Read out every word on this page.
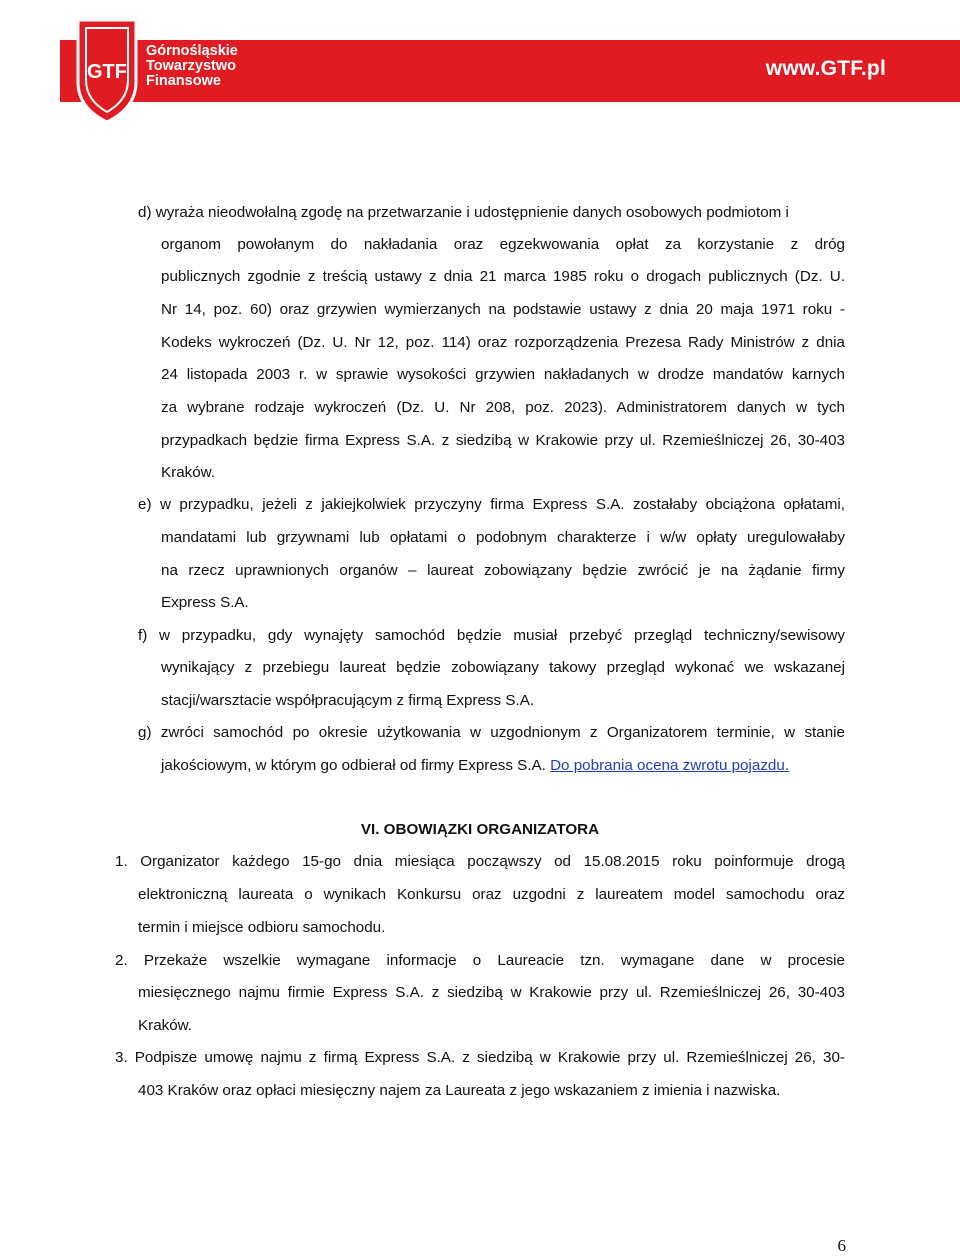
GTF
Górnośląskie
Towarzystwo
Finansowe
www.GTF.pl
d) wyraża nieodwołalną zgodę na przetwarzanie i udostępnienie danych osobowych podmiotom i
organom powołanym do nakładania oraz egzekwowania opłat za korzystanie z dróg
publicznych zgodnie z treścią ustawy z dnia 21 marca 1985 roku o drogach publicznych (Dz. U.
Nr 14, poz. 60) oraz grzywien wymierzanych na podstawie ustawy z dnia 20 maja 1971 roku -
Kodeks wykroczeń (Dz. U. Nr 12, poz. 114) oraz rozporządzenia Prezesa Rady Ministrów z dnia
24 listopada 2003 r. w sprawie wysokości grzywien nakładanych w drodze mandatów karnych
za wybrane rodzaje wykroczeń (Dz. U. Nr 208, poz. 2023). Administratorem danych w tych
przypadkach będzie firma Express S.A. z siedzibą w Krakowie przy ul. Rzemieślniczej 26, 30-403
Kraków.
e) w przypadku, jeżeli z jakiejkolwiek przyczyny firma Express S.A. zostałaby obciążona opłatami,
mandatami lub grzywnami lub opłatami o podobnym charakterze i w/w opłaty uregulowałaby
na rzecz uprawnionych organów – laureat zobowiązany będzie zwrócić je na żądanie firmy
Express S.A.
f) w przypadku, gdy wynajęty samochód będzie musiał przebyć przegląd techniczny/sewisowy
wynikający z przebiegu laureat będzie zobowiązany takowy przegląd wykonać we wskazanej
stacji/warsztacie współpracującym z firmą Express S.A.
g) zwróci samochód po okresie użytkowania w uzgodnionym z Organizatorem terminie, w stanie
jakościowym, w którym go odbierał od firmy Express S.A. Do pobrania ocena zwrotu pojazdu.
VI. OBOWIĄZKI ORGANIZATORA
1. Organizator każdego 15-go dnia miesiąca począwszy od 15.08.2015 roku poinformuje drogą
elektroniczną laureata o wynikach Konkursu oraz uzgodni z laureatem model samochodu oraz
termin i miejsce odbioru samochodu.
2. Przekaże wszelkie wymagane informacje o Laureacie tzn. wymagane dane w procesie
miesięcznego najmu firmie Express S.A. z siedzibą w Krakowie przy ul. Rzemieślniczej 26, 30-403
Kraków.
3. Podpisze umowę najmu z firmą Express S.A. z siedzibą w Krakowie przy ul. Rzemieślniczej 26, 30-
403 Kraków oraz opłaci miesięczny najem za Laureata z jego wskazaniem z imienia i nazwiska.
6
